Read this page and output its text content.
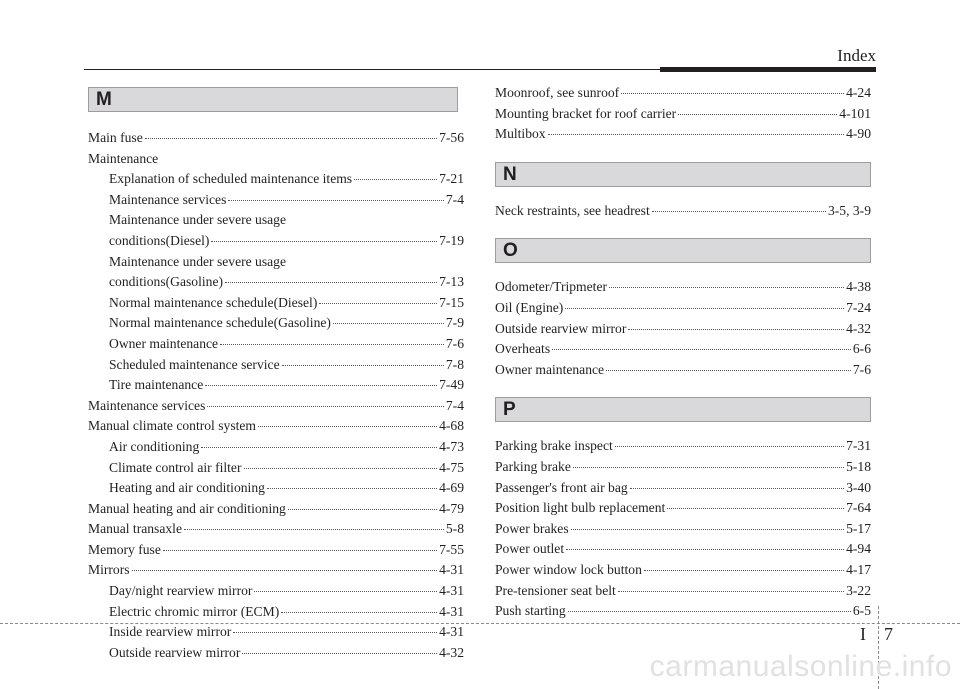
Index
M
Main fuse	7-56
Maintenance
Explanation of scheduled maintenance items	7-21
Maintenance services	7-4
Maintenance under severe usage
conditions(Diesel)	7-19
Maintenance under severe usage
conditions(Gasoline)	7-13
Normal maintenance schedule(Diesel)	7-15
Normal maintenance schedule(Gasoline)	7-9
Owner maintenance	7-6
Scheduled maintenance service	7-8
Tire maintenance	7-49
Maintenance services	7-4
Manual climate control system	4-68
Air conditioning	4-73
Climate control air filter	4-75
Heating and air conditioning	4-69
Manual heating and air conditioning	4-79
Manual transaxle	5-8
Memory fuse	7-55
Mirrors	4-31
Day/night rearview mirror	4-31
Electric chromic mirror (ECM)	4-31
Inside rearview mirror	4-31
Outside rearview mirror	4-32
Moonroof, see sunroof	4-24
Mounting bracket for roof carrier	4-101
Multibox	4-90
N
Neck restraints, see headrest	3-5, 3-9
O
Odometer/Tripmeter	4-38
Oil (Engine)	7-24
Outside rearview mirror	4-32
Overheats	6-6
Owner maintenance	7-6
P
Parking brake inspect	7-31
Parking brake	5-18
Passenger's front air bag	3-40
Position light bulb replacement	7-64
Power brakes	5-17
Power outlet	4-94
Power window lock button	4-17
Pre-tensioner seat belt	3-22
Push starting	6-5
I 7
carmanualsonline.info
